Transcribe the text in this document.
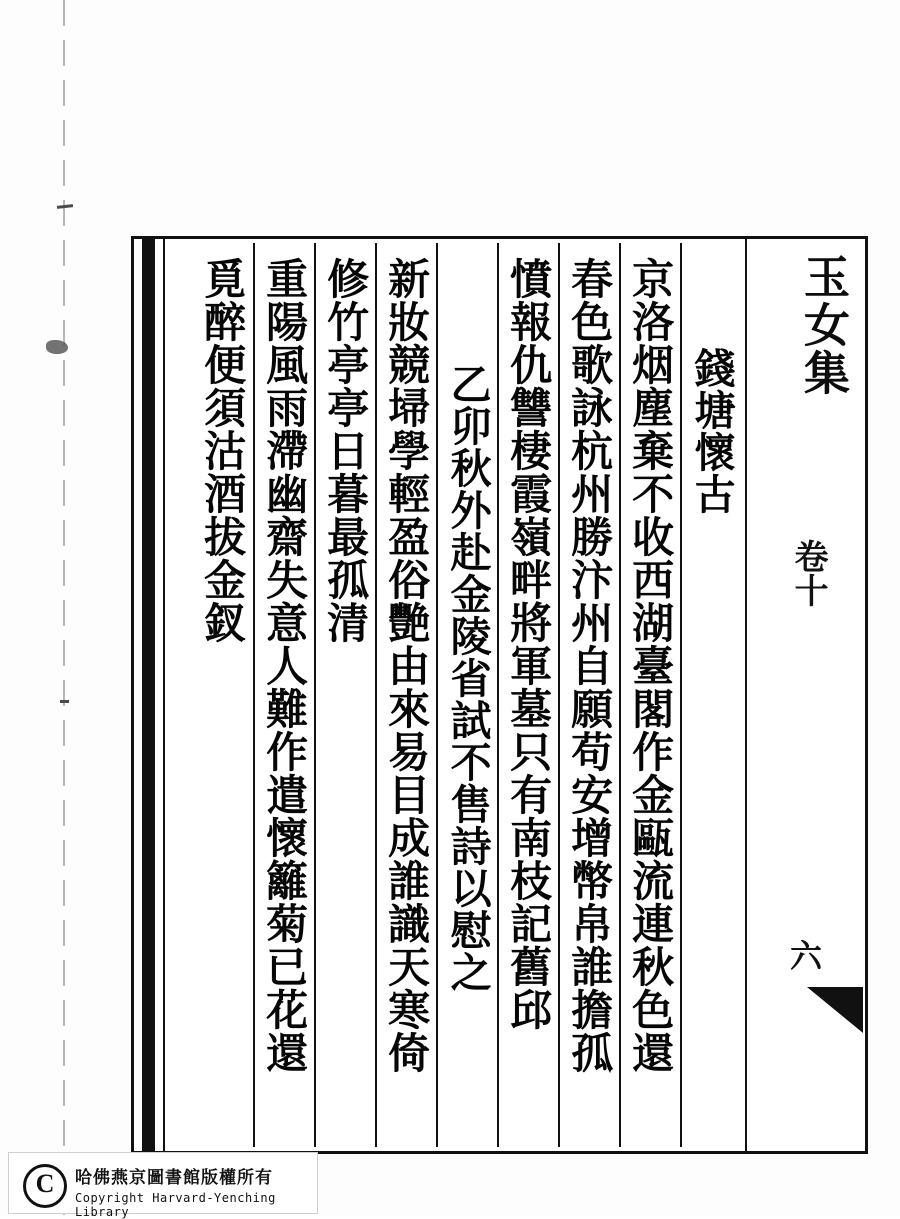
玉女集
卷十
六
錢塘懷古
京洛烟塵棄不收西湖臺閣作金甌流連秋色還
春色歌詠杭州勝汴州自願苟安增幣帛誰擔孤
憤報仇讐棲霞嶺畔將軍墓只有南枝記舊邱
乙卯秋外赴金陵省試不售詩以慰之
新妝競埽學輕盈俗艷由來易目成誰識天寒倚
修竹亭亭日暮最孤清
重陽風雨滯幽齋失意人難作遣懷籬菊已花還
覓醉便須沽酒拔金釵
C	哈佛燕京圖書館版權所有
Copyright Harvard-Yenching Library
